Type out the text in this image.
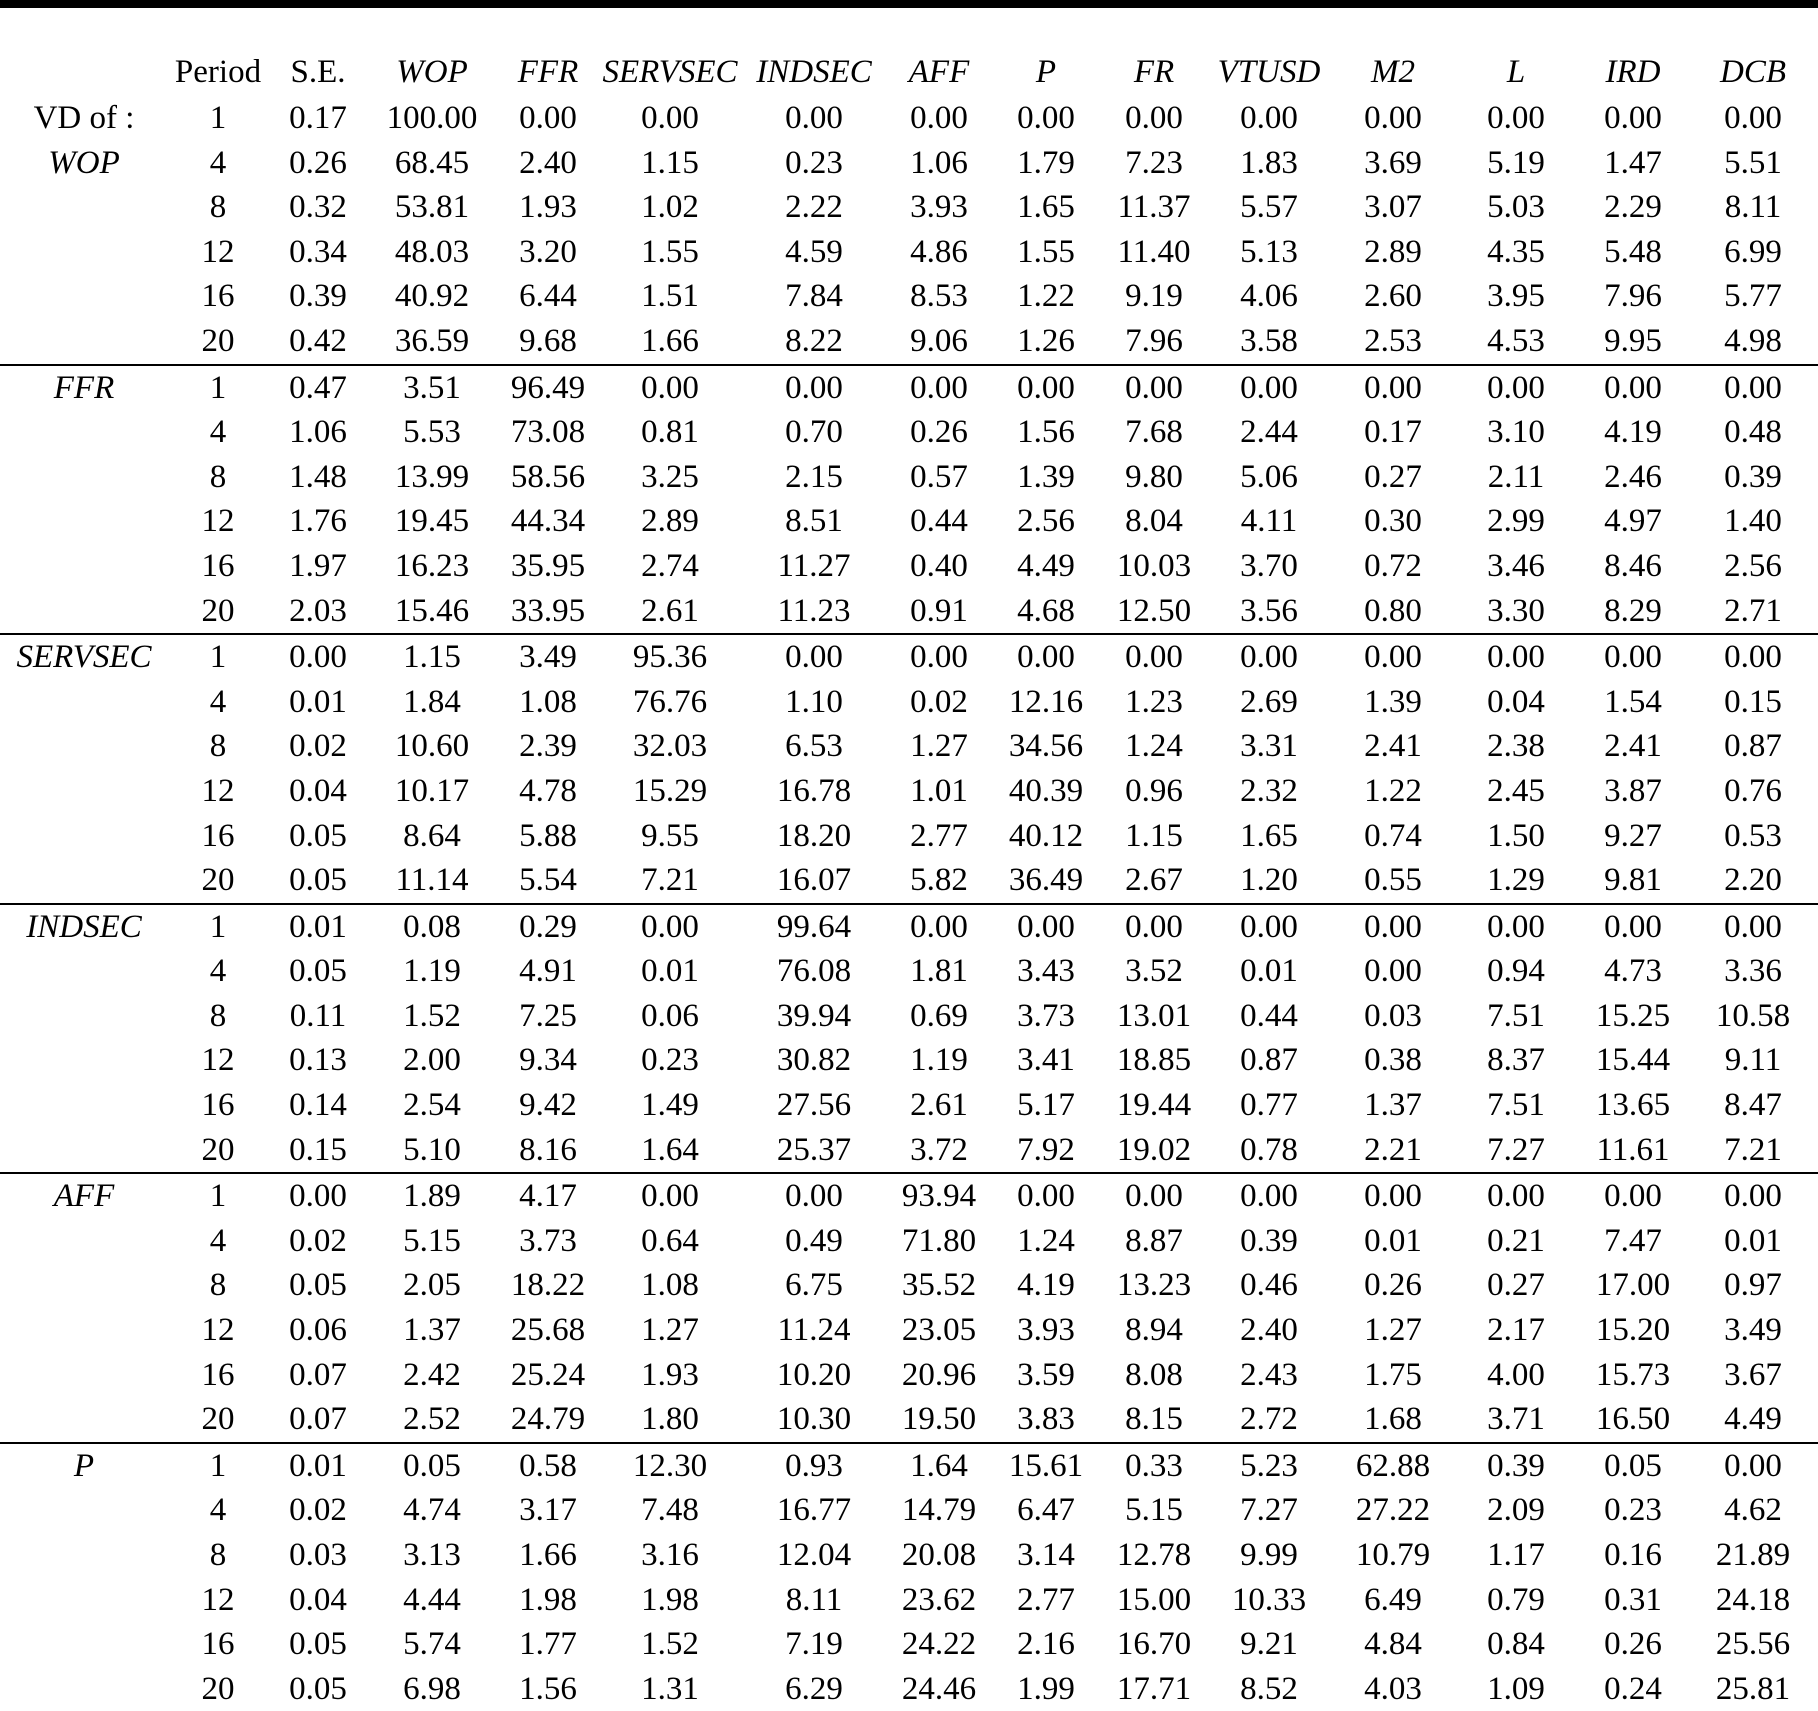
	Period	S.E.	WOP	FFR	SERVSEC	INDSEC	AFF	P	FR	VTUSD	M2	L	IRD	DCB
VD of :	1	0.17	100.00	0.00	0.00	0.00	0.00	0.00	0.00	0.00	0.00	0.00	0.00	0.00
WOP	4	0.26	68.45	2.40	1.15	0.23	1.06	1.79	7.23	1.83	3.69	5.19	1.47	5.51
	8	0.32	53.81	1.93	1.02	2.22	3.93	1.65	11.37	5.57	3.07	5.03	2.29	8.11
	12	0.34	48.03	3.20	1.55	4.59	4.86	1.55	11.40	5.13	2.89	4.35	5.48	6.99
	16	0.39	40.92	6.44	1.51	7.84	8.53	1.22	9.19	4.06	2.60	3.95	7.96	5.77
	20	0.42	36.59	9.68	1.66	8.22	9.06	1.26	7.96	3.58	2.53	4.53	9.95	4.98
FFR	1	0.47	3.51	96.49	0.00	0.00	0.00	0.00	0.00	0.00	0.00	0.00	0.00	0.00
	4	1.06	5.53	73.08	0.81	0.70	0.26	1.56	7.68	2.44	0.17	3.10	4.19	0.48
	8	1.48	13.99	58.56	3.25	2.15	0.57	1.39	9.80	5.06	0.27	2.11	2.46	0.39
	12	1.76	19.45	44.34	2.89	8.51	0.44	2.56	8.04	4.11	0.30	2.99	4.97	1.40
	16	1.97	16.23	35.95	2.74	11.27	0.40	4.49	10.03	3.70	0.72	3.46	8.46	2.56
	20	2.03	15.46	33.95	2.61	11.23	0.91	4.68	12.50	3.56	0.80	3.30	8.29	2.71
SERVSEC	1	0.00	1.15	3.49	95.36	0.00	0.00	0.00	0.00	0.00	0.00	0.00	0.00	0.00
	4	0.01	1.84	1.08	76.76	1.10	0.02	12.16	1.23	2.69	1.39	0.04	1.54	0.15
	8	0.02	10.60	2.39	32.03	6.53	1.27	34.56	1.24	3.31	2.41	2.38	2.41	0.87
	12	0.04	10.17	4.78	15.29	16.78	1.01	40.39	0.96	2.32	1.22	2.45	3.87	0.76
	16	0.05	8.64	5.88	9.55	18.20	2.77	40.12	1.15	1.65	0.74	1.50	9.27	0.53
	20	0.05	11.14	5.54	7.21	16.07	5.82	36.49	2.67	1.20	0.55	1.29	9.81	2.20
INDSEC	1	0.01	0.08	0.29	0.00	99.64	0.00	0.00	0.00	0.00	0.00	0.00	0.00	0.00
	4	0.05	1.19	4.91	0.01	76.08	1.81	3.43	3.52	0.01	0.00	0.94	4.73	3.36
	8	0.11	1.52	7.25	0.06	39.94	0.69	3.73	13.01	0.44	0.03	7.51	15.25	10.58
	12	0.13	2.00	9.34	0.23	30.82	1.19	3.41	18.85	0.87	0.38	8.37	15.44	9.11
	16	0.14	2.54	9.42	1.49	27.56	2.61	5.17	19.44	0.77	1.37	7.51	13.65	8.47
	20	0.15	5.10	8.16	1.64	25.37	3.72	7.92	19.02	0.78	2.21	7.27	11.61	7.21
AFF	1	0.00	1.89	4.17	0.00	0.00	93.94	0.00	0.00	0.00	0.00	0.00	0.00	0.00
	4	0.02	5.15	3.73	0.64	0.49	71.80	1.24	8.87	0.39	0.01	0.21	7.47	0.01
	8	0.05	2.05	18.22	1.08	6.75	35.52	4.19	13.23	0.46	0.26	0.27	17.00	0.97
	12	0.06	1.37	25.68	1.27	11.24	23.05	3.93	8.94	2.40	1.27	2.17	15.20	3.49
	16	0.07	2.42	25.24	1.93	10.20	20.96	3.59	8.08	2.43	1.75	4.00	15.73	3.67
	20	0.07	2.52	24.79	1.80	10.30	19.50	3.83	8.15	2.72	1.68	3.71	16.50	4.49
P	1	0.01	0.05	0.58	12.30	0.93	1.64	15.61	0.33	5.23	62.88	0.39	0.05	0.00
	4	0.02	4.74	3.17	7.48	16.77	14.79	6.47	5.15	7.27	27.22	2.09	0.23	4.62
	8	0.03	3.13	1.66	3.16	12.04	20.08	3.14	12.78	9.99	10.79	1.17	0.16	21.89
	12	0.04	4.44	1.98	1.98	8.11	23.62	2.77	15.00	10.33	6.49	0.79	0.31	24.18
	16	0.05	5.74	1.77	1.52	7.19	24.22	2.16	16.70	9.21	4.84	0.84	0.26	25.56
	20	0.05	6.98	1.56	1.31	6.29	24.46	1.99	17.71	8.52	4.03	1.09	0.24	25.81
